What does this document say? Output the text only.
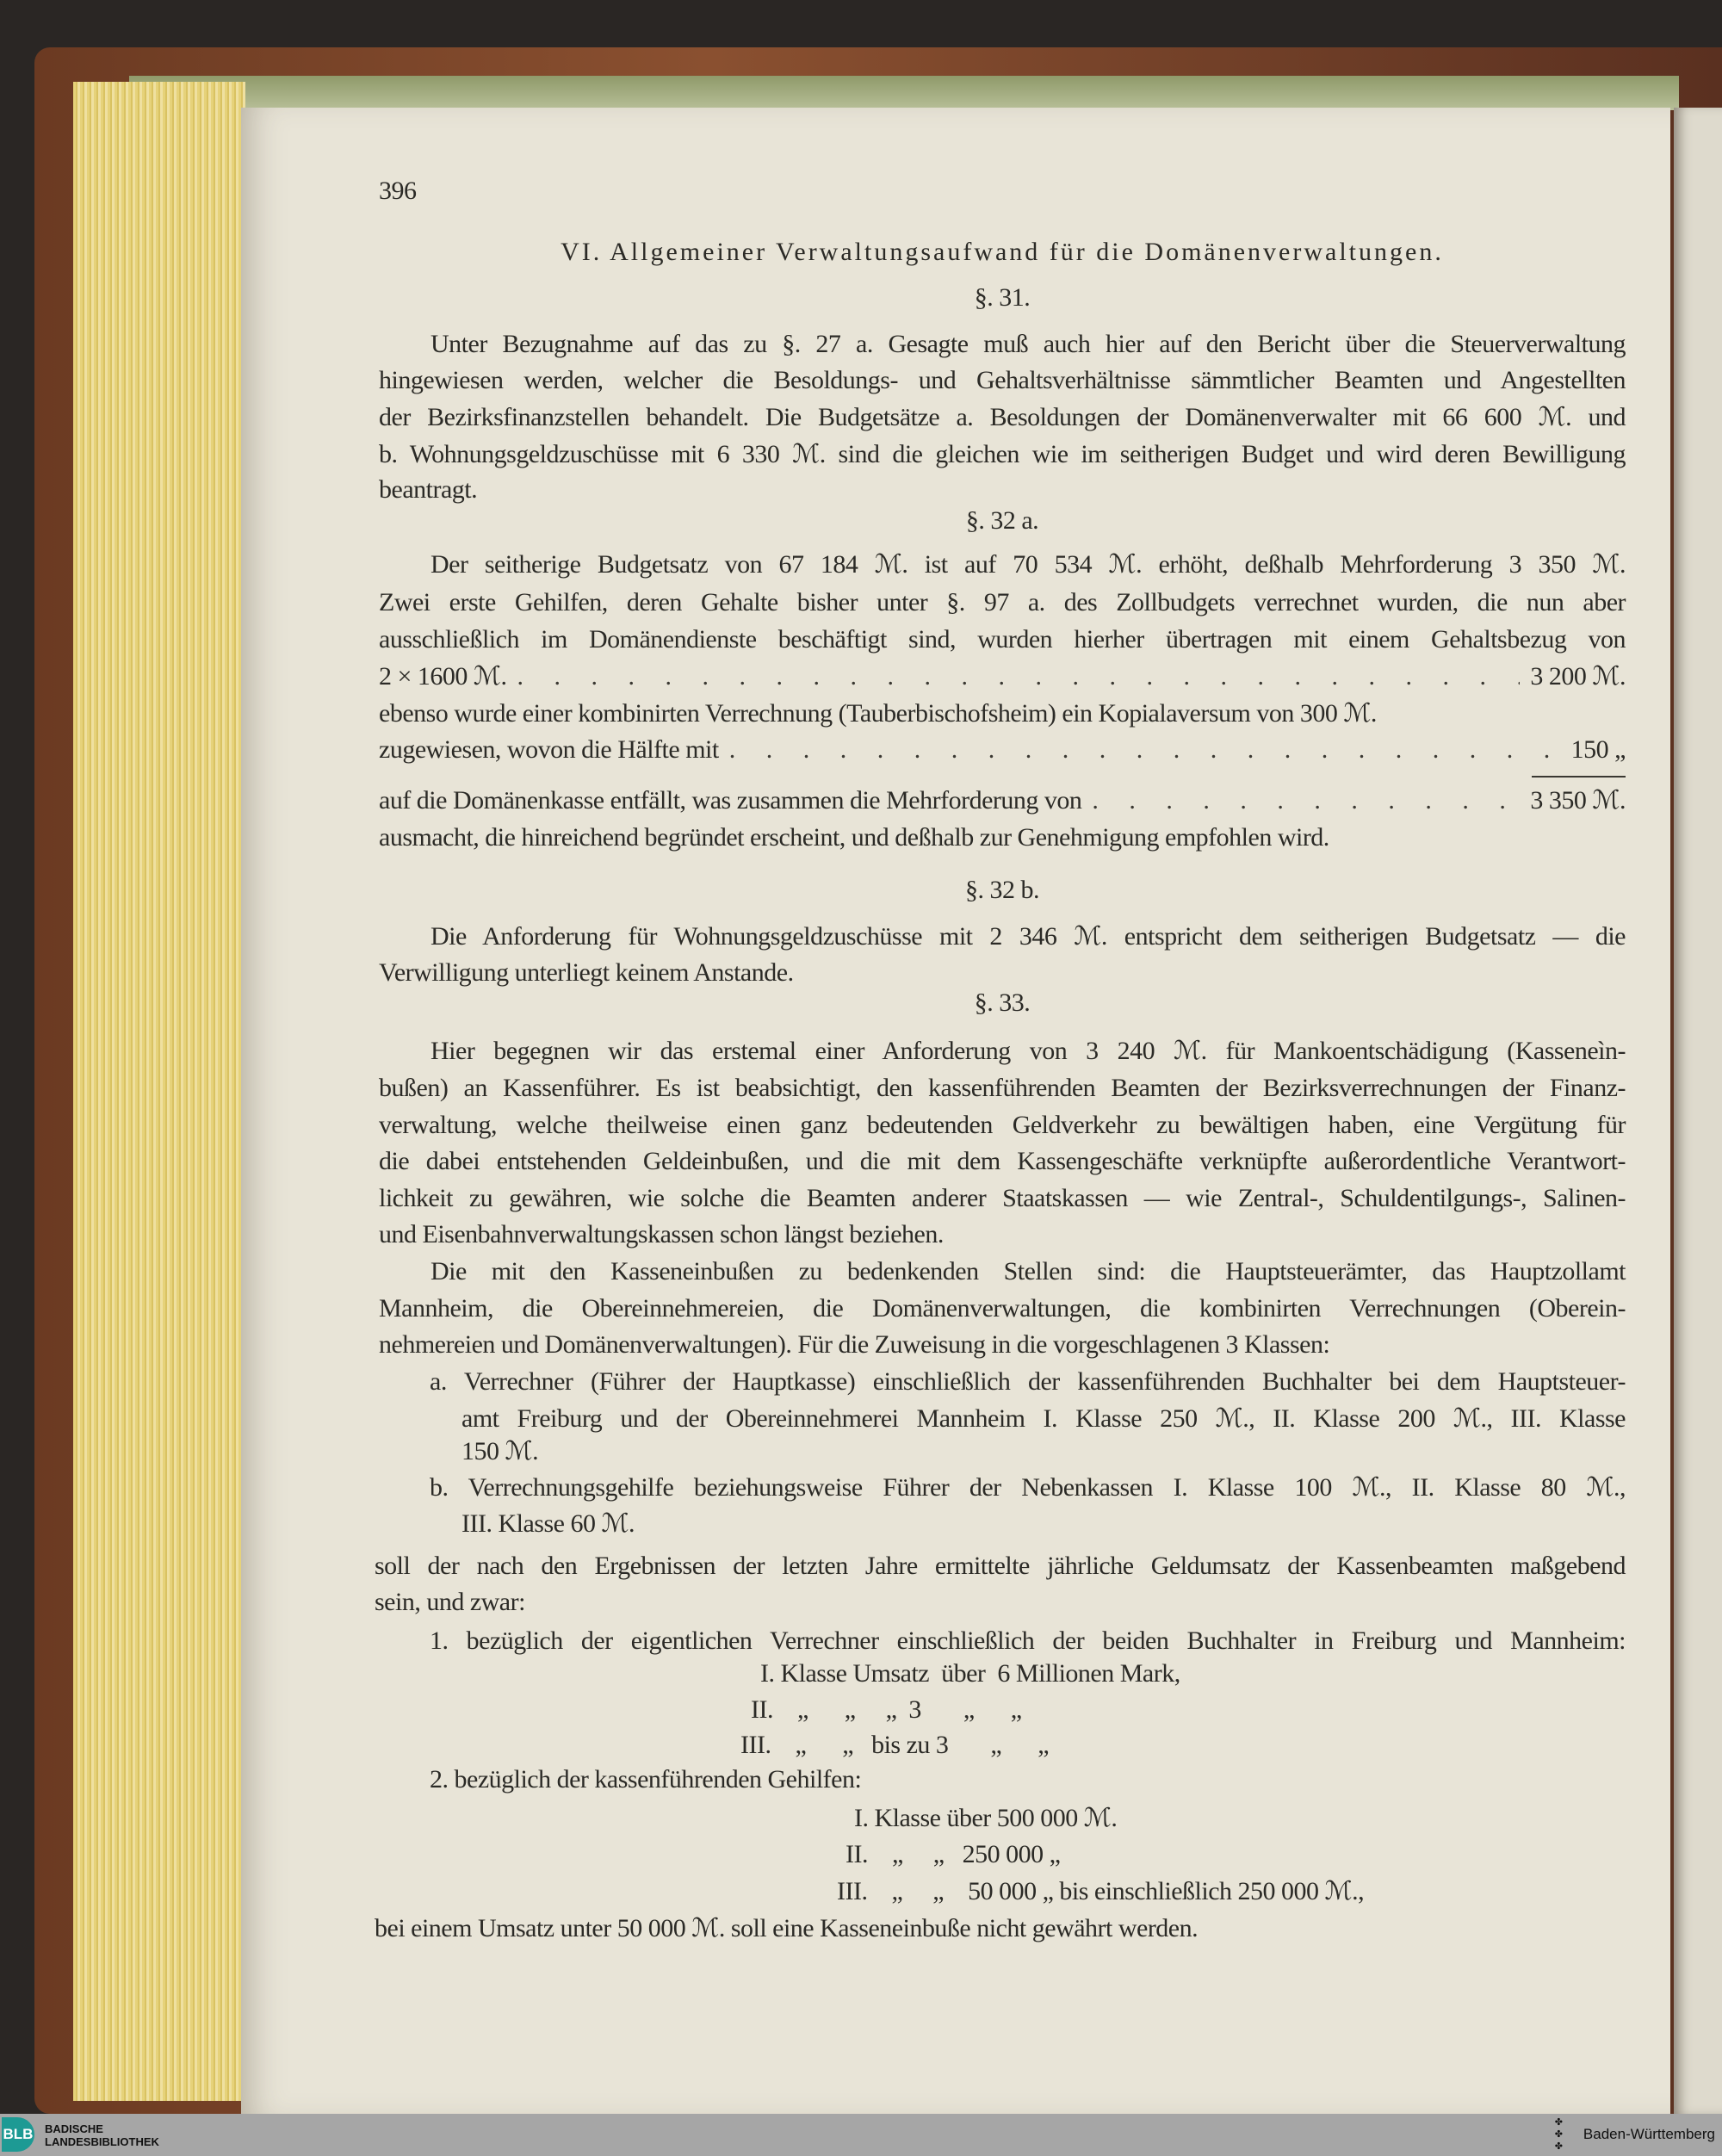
396
VI. Allgemeiner Verwaltungsaufwand für die Domänenverwaltungen.
§. 31.
Unter Bezugnahme auf das zu §. 27 a. Gesagte muß auch hier auf den Bericht über die Steuerverwaltung
hingewiesen werden, welcher die Besoldungs- und Gehaltsverhältnisse sämmtlicher Beamten und Angestellten
der Bezirksfinanzstellen behandelt. Die Budgetsätze a. Besoldungen der Domänenverwalter mit 66 600 ℳ. und
b. Wohnungsgeldzuschüsse mit 6 330 ℳ. sind die gleichen wie im seitherigen Budget und wird deren Bewilligung
beantragt.
§. 32 a.
Der seitherige Budgetsatz von 67 184 ℳ. ist auf 70 534 ℳ. erhöht, deßhalb Mehrforderung 3 350 ℳ.
Zwei erste Gehilfen, deren Gehalte bisher unter §. 97 a. des Zollbudgets verrechnet wurden, die nun aber
ausschließlich im Domänendienste beschäftigt sind, wurden hierher übertragen mit einem Gehaltsbezug von
2 × 1600 ℳ. . . .	3 200 ℳ.
ebenso wurde einer kombinirten Verrechnung (Tauberbischofsheim) ein Kopialaversum von 300 ℳ.
zugewiesen, wovon die Hälfte mit . . .	150 „
auf die Domänenkasse entfällt, was zusammen die Mehrforderung von . . .	3 350 ℳ.
ausmacht, die hinreichend begründet erscheint, und deßhalb zur Genehmigung empfohlen wird.
§. 32 b.
Die Anforderung für Wohnungsgeldzuschüsse mit 2 346 ℳ. entspricht dem seitherigen Budgetsatz — die
Verwilligung unterliegt keinem Anstande.
§. 33.
Hier begegnen wir das erstemal einer Anforderung von 3 240 ℳ. für Mankoentschädigung (Kasseneìn-
bußen) an Kassenführer. Es ist beabsichtigt, den kassenführenden Beamten der Bezirksverrechnungen der Finanz-
verwaltung, welche theilweise einen ganz bedeutenden Geldverkehr zu bewältigen haben, eine Vergütung für
die dabei entstehenden Geldeinbußen, und die mit dem Kassengeschäfte verknüpfte außerordentliche Verantwort-
lichkeit zu gewähren, wie solche die Beamten anderer Staatskassen — wie Zentral-, Schuldentilgungs-, Salinen-
und Eisenbahnverwaltungskassen schon längst beziehen.
Die mit den Kasseneinbußen zu bedenkenden Stellen sind: die Hauptsteuerämter, das Hauptzollamt
Mannheim, die Obereinnehmereien, die Domänenverwaltungen, die kombinirten Verrechnungen (Oberein-
nehmereien und Domänenverwaltungen). Für die Zuweisung in die vorgeschlagenen 3 Klassen:
a. Verrechner (Führer der Hauptkasse) einschließlich der kassenführenden Buchhalter bei dem Hauptsteuer-
amt Freiburg und der Obereinnehmerei Mannheim I. Klasse 250 ℳ., II. Klasse 200 ℳ., III. Klasse
150 ℳ.
b. Verrechnungsgehilfe beziehungsweise Führer der Nebenkassen I. Klasse 100 ℳ., II. Klasse 80 ℳ.,
III. Klasse 60 ℳ.
soll der nach den Ergebnissen der letzten Jahre ermittelte jährliche Geldumsatz der Kassenbeamten maßgebend
sein, und zwar:
1. bezüglich der eigentlichen Verrechner einschließlich der beiden Buchhalter in Freiburg und Mannheim:
I. Klasse Umsatz  über  6 Millionen Mark,
II.    „      „     „  3       „      „
III.    „      „   bis zu 3       „      „
2. bezüglich der kassenführenden Gehilfen:
I. Klasse über 500 000 ℳ.
II.    „     „   250 000 „
III.    „     „    50 000 „ bis einschließlich 250 000 ℳ.,
bei einem Umsatz unter 50 000 ℳ. soll eine Kasseneinbuße nicht gewährt werden.
BLB BADISCHE
LANDESBIBLIOTHEK
✤
✤
✤
Baden-Württemberg
